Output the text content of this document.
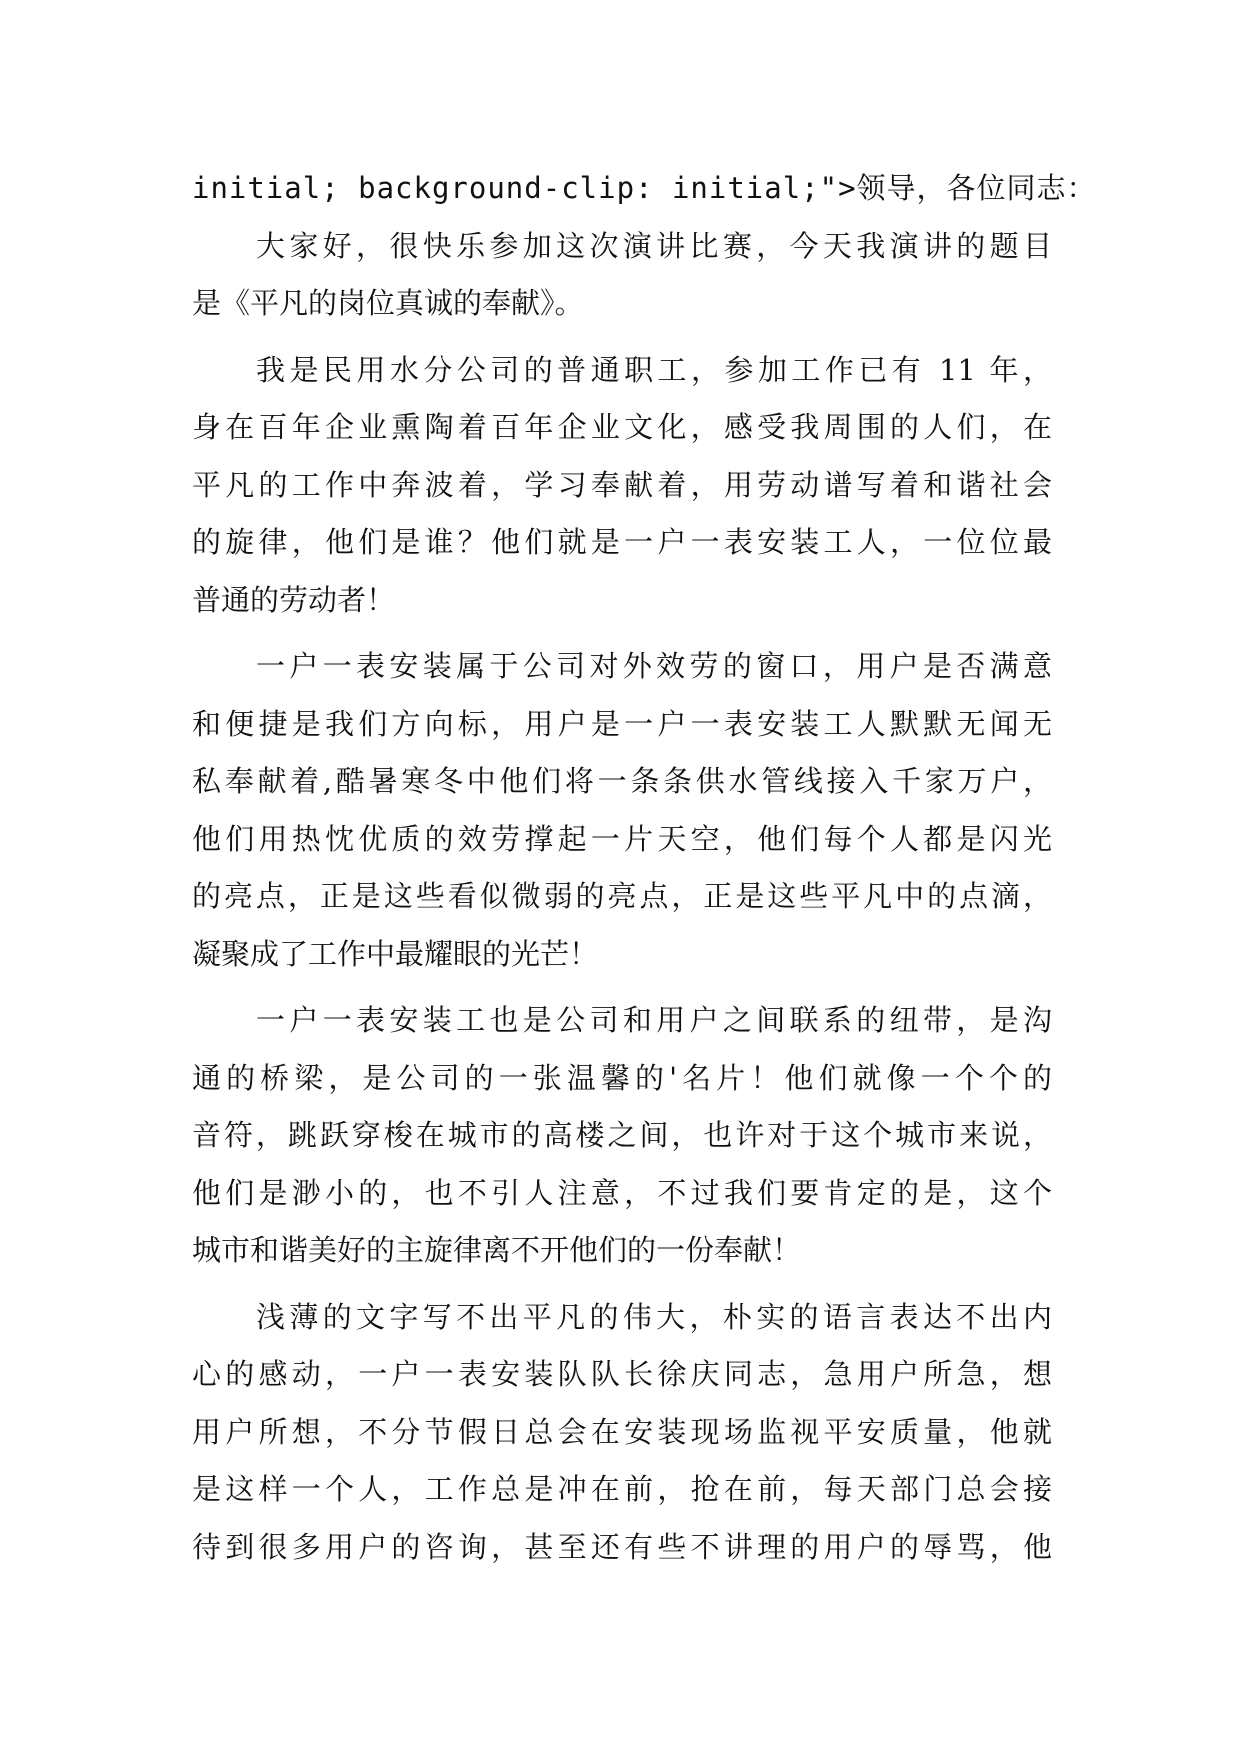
initial; background-clip: initial;">领导，各位同志：
大家好，很快乐参加这次演讲比赛，今天我演讲的题目
是《平凡的岗位真诚的奉献》。
我是民用水分公司的普通职工，参加工作已有 11 年，
身在百年企业熏陶着百年企业文化，感受我周围的人们，在
平凡的工作中奔波着，学习奉献着，用劳动谱写着和谐社会
的旋律，他们是谁？他们就是一户一表安装工人，一位位最
普通的劳动者！
一户一表安装属于公司对外效劳的窗口，用户是否满意
和便捷是我们方向标，用户是一户一表安装工人默默无闻无
私奉献着,酷暑寒冬中他们将一条条供水管线接入千家万户，
他们用热忱优质的效劳撑起一片天空，他们每个人都是闪光
的亮点，正是这些看似微弱的亮点，正是这些平凡中的点滴，
凝聚成了工作中最耀眼的光芒！
一户一表安装工也是公司和用户之间联系的纽带，是沟
通的桥梁，是公司的一张温馨的'名片！他们就像一个个的
音符，跳跃穿梭在城市的高楼之间，也许对于这个城市来说，
他们是渺小的，也不引人注意，不过我们要肯定的是，这个
城市和谐美好的主旋律离不开他们的一份奉献！
浅薄的文字写不出平凡的伟大，朴实的语言表达不出内
心的感动，一户一表安装队队长徐庆同志，急用户所急，想
用户所想，不分节假日总会在安装现场监视平安质量，他就
是这样一个人，工作总是冲在前，抢在前，每天部门总会接
待到很多用户的咨询，甚至还有些不讲理的用户的辱骂，他
